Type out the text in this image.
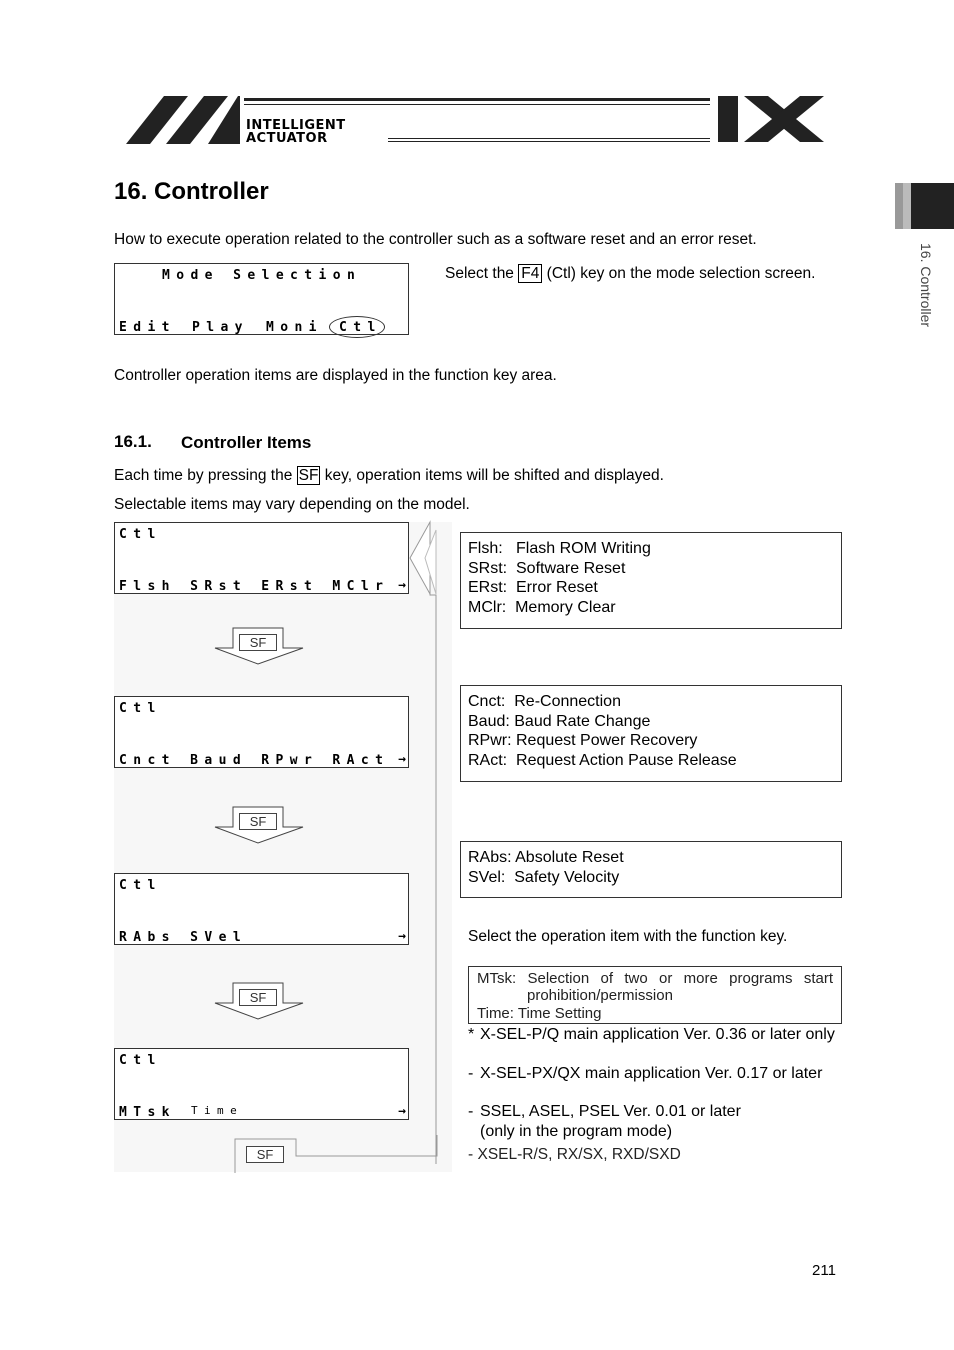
INTELLIGENT
ACTUATOR
16. Controller
16. Controller

How to execute operation related to the controller such as a software reset and an error reset.

Mode Selection
Edit Play Moni Ctl
Select the F4 (Ctl) key on the mode selection screen.

Controller operation items are displayed in the function key area.

16.1. Controller Items
Each time by pressing the SF key, operation items will be shifted and displayed.

Selectable items may vary depending on the model.

Ctl
Flsh SRst ERst MClr →
SF
Ctl
Cnct Baud RPwr RAct →
SF
Ctl
RAbs SVel	→
SF
Ctl
MTsk Time	→
SF
Flsh:   Flash ROM Writing
SRst:  Software Reset
ERst:  Error Reset
MClr:  Memory Clear
Cnct:  Re-Connection
Baud: Baud Rate Change
RPwr: Request Power Recovery
RAct:  Request Action Pause Release
RAbs: Absolute Reset
SVel:  Safety Velocity

Select the operation item with the function key.

MTsk: Selection of two or more programs start
prohibition/permission
Time: Time Setting
* X-SEL-P/Q main application Ver. 0.36 or later only
- X-SEL-PX/QX main application Ver. 0.17 or later
- SSEL, ASEL, PSEL Ver. 0.01 or later
(only in the program mode)
- XSEL-R/S, RX/SX, RXD/SXD
211
